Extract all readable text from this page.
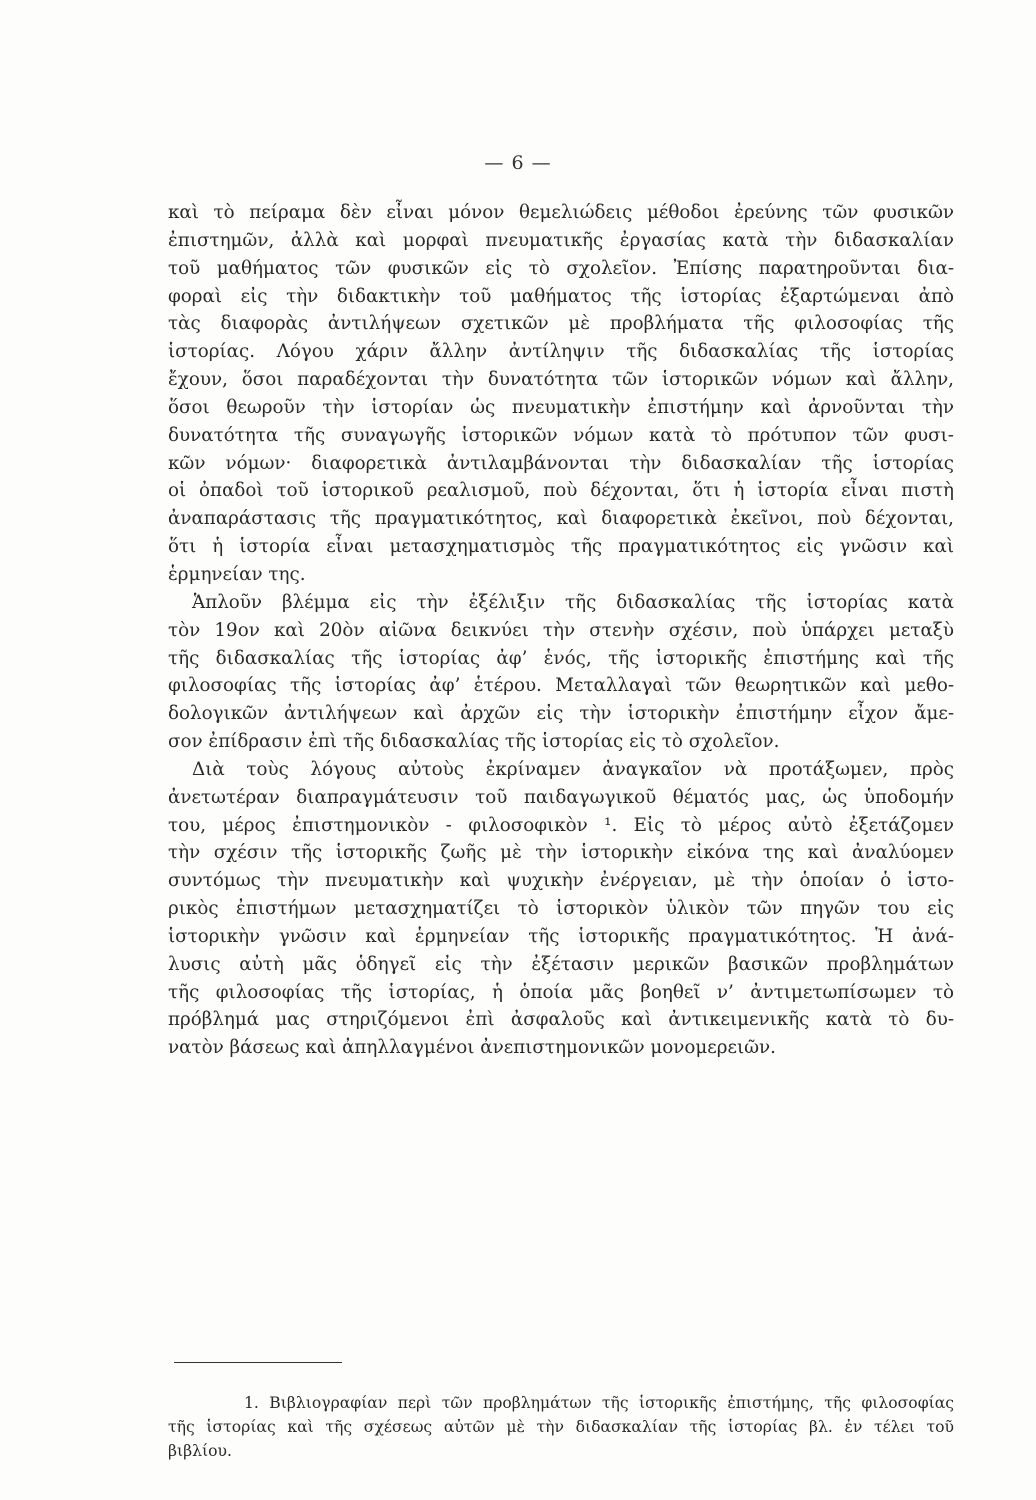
— 6 —
καὶ τὸ πείραμα δὲν εἶναι μόνον θεμελιώδεις μέθοδοι ἐρεύνης τῶν φυσικῶν
ἐπιστημῶν, ἀλλὰ καὶ μορφαὶ πνευματικῆς ἐργασίας κατὰ τὴν διδασκαλίαν
τοῦ μαθήματος τῶν φυσικῶν εἰς τὸ σχολεῖον. Ἐπίσης παρατηροῦνται δια-
φοραὶ εἰς τὴν διδακτικὴν τοῦ μαθήματος τῆς ἱστορίας ἐξαρτώμεναι ἀπὸ
τὰς διαφορὰς ἀντιλήψεων σχετικῶν μὲ προβλήματα τῆς φιλοσοφίας τῆς
ἱστορίας. Λόγου χάριν ἄλλην ἀντίληψιν τῆς διδασκαλίας τῆς ἱστορίας
ἔχουν, ὅσοι παραδέχονται τὴν δυνατότητα τῶν ἱστορικῶν νόμων καὶ ἄλλην,
ὅσοι θεωροῦν τὴν ἱστορίαν ὡς πνευματικὴν ἐπιστήμην καὶ ἀρνοῦνται τὴν
δυνατότητα τῆς συναγωγῆς ἱστορικῶν νόμων κατὰ τὸ πρότυπον τῶν φυσι-
κῶν νόμων· διαφορετικὰ ἀντιλαμβάνονται τὴν διδασκαλίαν τῆς ἱστορίας
οἱ ὀπαδοὶ τοῦ ἱστορικοῦ ρεαλισμοῦ, ποὺ δέχονται, ὅτι ἡ ἱστορία εἶναι πιστὴ
ἀναπαράστασις τῆς πραγματικότητος, καὶ διαφορετικὰ ἐκεῖνοι, ποὺ δέχονται,
ὅτι ἡ ἱστορία εἶναι μετασχηματισμὸς τῆς πραγματικότητος εἰς γνῶσιν καὶ
ἑρμηνείαν της.
Ἁπλοῦν βλέμμα εἰς τὴν ἐξέλιξιν τῆς διδασκαλίας τῆς ἱστορίας κατὰ
τὸν 19ον καὶ 20ὸν αἰῶνα δεικνύει τὴν στενὴν σχέσιν, ποὺ ὑπάρχει μεταξὺ
τῆς διδασκαλίας τῆς ἱστορίας ἀφ’ ἑνός, τῆς ἱστορικῆς ἐπιστήμης καὶ τῆς
φιλοσοφίας τῆς ἱστορίας ἀφ’ ἑτέρου. Μεταλλαγαὶ τῶν θεωρητικῶν καὶ μεθο-
δολογικῶν ἀντιλήψεων καὶ ἀρχῶν εἰς τὴν ἱστορικὴν ἐπιστήμην εἶχον ἄμε-
σον ἐπίδρασιν ἐπὶ τῆς διδασκαλίας τῆς ἱστορίας εἰς τὸ σχολεῖον.
Διὰ τοὺς λόγους αὐτοὺς ἐκρίναμεν ἀναγκαῖον νὰ προτάξωμεν, πρὸς
ἀνετωτέραν διαπραγμάτευσιν τοῦ παιδαγωγικοῦ θέματός μας, ὡς ὑποδομήν
του, μέρος ἐπιστημονικὸν - φιλοσοφικὸν ¹. Εἰς τὸ μέρος αὐτὸ ἐξετάζομεν
τὴν σχέσιν τῆς ἱστορικῆς ζωῆς μὲ τὴν ἱστορικὴν εἰκόνα της καὶ ἀναλύομεν
συντόμως τὴν πνευματικὴν καὶ ψυχικὴν ἐνέργειαν, μὲ τὴν ὁποίαν ὁ ἱστο-
ρικὸς ἐπιστήμων μετασχηματίζει τὸ ἱστορικὸν ὑλικὸν τῶν πηγῶν του εἰς
ἱστορικὴν γνῶσιν καὶ ἑρμηνείαν τῆς ἱστορικῆς πραγματικότητος. Ἡ ἀνά-
λυσις αὐτὴ μᾶς ὁδηγεῖ εἰς τὴν ἐξέτασιν μερικῶν βασικῶν προβλημάτων
τῆς φιλοσοφίας τῆς ἱστορίας, ἡ ὁποία μᾶς βοηθεῖ ν’ ἀντιμετωπίσωμεν τὸ
πρόβλημά μας στηριζόμενοι ἐπὶ ἀσφαλοῦς καὶ ἀντικειμενικῆς κατὰ τὸ δυ-
νατὸν βάσεως καὶ ἀπηλλαγμένοι ἀνεπιστημονικῶν μονομερειῶν.
1. Βιβλιογραφίαν περὶ τῶν προβλημάτων τῆς ἱστορικῆς ἐπιστήμης, τῆς φιλοσοφίας
τῆς ἱστορίας καὶ τῆς σχέσεως αὐτῶν μὲ τὴν διδασκαλίαν τῆς ἱστορίας βλ. ἐν τέλει τοῦ
βιβλίου.
